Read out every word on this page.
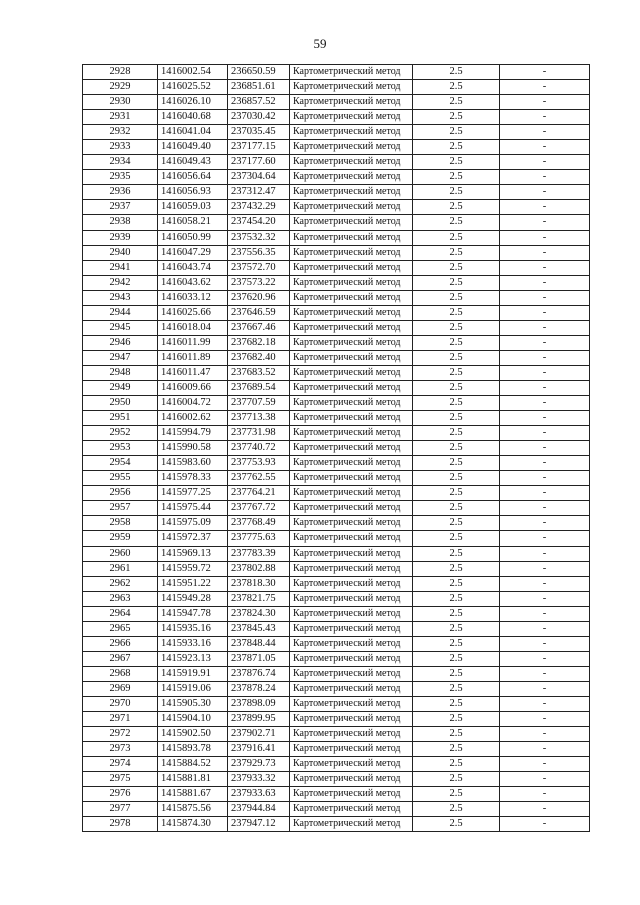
59
2928	1416002.54	236650.59	Картометрический метод	2.5	-
2929	1416025.52	236851.61	Картометрический метод	2.5	-
2930	1416026.10	236857.52	Картометрический метод	2.5	-
2931	1416040.68	237030.42	Картометрический метод	2.5	-
2932	1416041.04	237035.45	Картометрический метод	2.5	-
2933	1416049.40	237177.15	Картометрический метод	2.5	-
2934	1416049.43	237177.60	Картометрический метод	2.5	-
2935	1416056.64	237304.64	Картометрический метод	2.5	-
2936	1416056.93	237312.47	Картометрический метод	2.5	-
2937	1416059.03	237432.29	Картометрический метод	2.5	-
2938	1416058.21	237454.20	Картометрический метод	2.5	-
2939	1416050.99	237532.32	Картометрический метод	2.5	-
2940	1416047.29	237556.35	Картометрический метод	2.5	-
2941	1416043.74	237572.70	Картометрический метод	2.5	-
2942	1416043.62	237573.22	Картометрический метод	2.5	-
2943	1416033.12	237620.96	Картометрический метод	2.5	-
2944	1416025.66	237646.59	Картометрический метод	2.5	-
2945	1416018.04	237667.46	Картометрический метод	2.5	-
2946	1416011.99	237682.18	Картометрический метод	2.5	-
2947	1416011.89	237682.40	Картометрический метод	2.5	-
2948	1416011.47	237683.52	Картометрический метод	2.5	-
2949	1416009.66	237689.54	Картометрический метод	2.5	-
2950	1416004.72	237707.59	Картометрический метод	2.5	-
2951	1416002.62	237713.38	Картометрический метод	2.5	-
2952	1415994.79	237731.98	Картометрический метод	2.5	-
2953	1415990.58	237740.72	Картометрический метод	2.5	-
2954	1415983.60	237753.93	Картометрический метод	2.5	-
2955	1415978.33	237762.55	Картометрический метод	2.5	-
2956	1415977.25	237764.21	Картометрический метод	2.5	-
2957	1415975.44	237767.72	Картометрический метод	2.5	-
2958	1415975.09	237768.49	Картометрический метод	2.5	-
2959	1415972.37	237775.63	Картометрический метод	2.5	-
2960	1415969.13	237783.39	Картометрический метод	2.5	-
2961	1415959.72	237802.88	Картометрический метод	2.5	-
2962	1415951.22	237818.30	Картометрический метод	2.5	-
2963	1415949.28	237821.75	Картометрический метод	2.5	-
2964	1415947.78	237824.30	Картометрический метод	2.5	-
2965	1415935.16	237845.43	Картометрический метод	2.5	-
2966	1415933.16	237848.44	Картометрический метод	2.5	-
2967	1415923.13	237871.05	Картометрический метод	2.5	-
2968	1415919.91	237876.74	Картометрический метод	2.5	-
2969	1415919.06	237878.24	Картометрический метод	2.5	-
2970	1415905.30	237898.09	Картометрический метод	2.5	-
2971	1415904.10	237899.95	Картометрический метод	2.5	-
2972	1415902.50	237902.71	Картометрический метод	2.5	-
2973	1415893.78	237916.41	Картометрический метод	2.5	-
2974	1415884.52	237929.73	Картометрический метод	2.5	-
2975	1415881.81	237933.32	Картометрический метод	2.5	-
2976	1415881.67	237933.63	Картометрический метод	2.5	-
2977	1415875.56	237944.84	Картометрический метод	2.5	-
2978	1415874.30	237947.12	Картометрический метод	2.5	-
